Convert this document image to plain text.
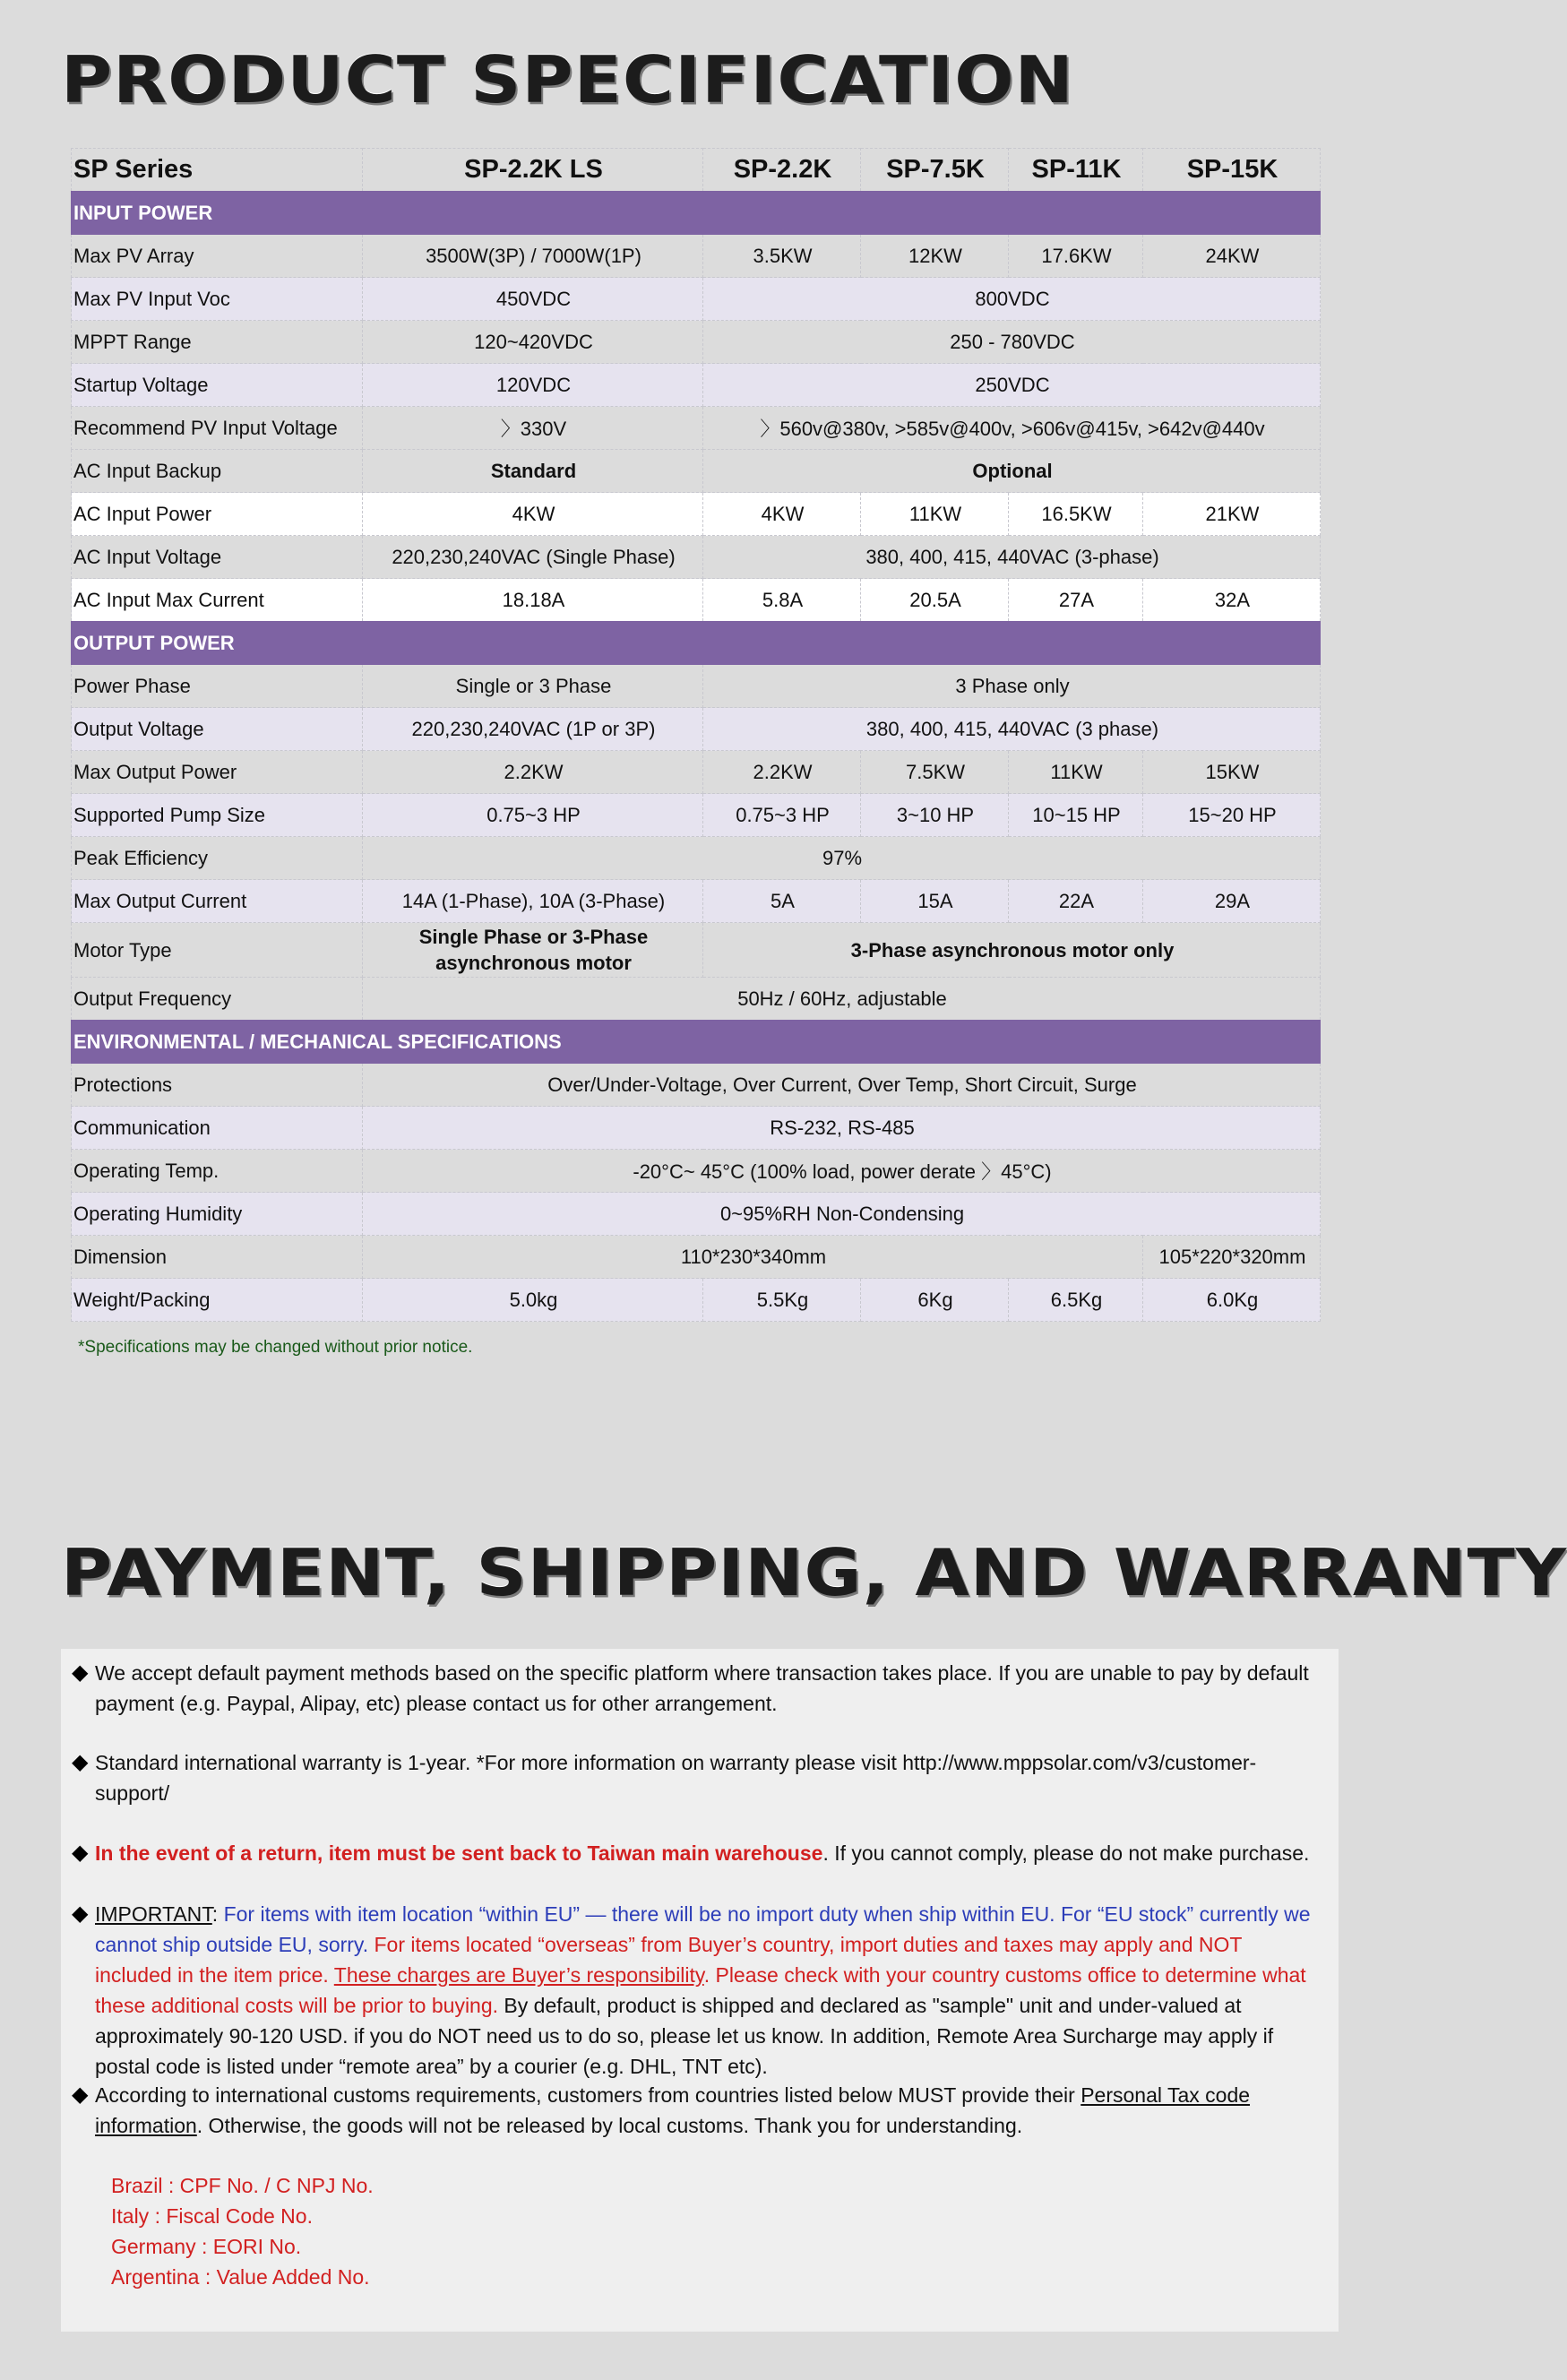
PRODUCT SPECIFICATION
SP Series	SP-2.2K LS	SP-2.2K	SP-7.5K	SP-11K	SP-15K
INPUT POWER					
Max PV Array	3500W(3P) / 7000W(1P)	3.5KW	12KW	17.6KW	24KW
Max PV Input Voc	450VDC	800VDC			
MPPT Range	120~420VDC	250 - 780VDC			
Startup Voltage	120VDC	250VDC			
Recommend PV Input Voltage	〉330V	〉560v@380v, >585v@400v, >606v@415v, >642v@440v			
AC Input Backup	Standard	Optional			
AC Input Power	4KW	4KW	11KW	16.5KW	21KW
AC Input Voltage	220,230,240VAC (Single Phase)	380, 400, 415, 440VAC (3-phase)			
AC Input Max Current	18.18A	5.8A	20.5A	27A	32A
OUTPUT POWER					
Power Phase	Single or 3 Phase	3 Phase only			
Output Voltage	220,230,240VAC (1P or 3P)	380, 400, 415, 440VAC (3 phase)			
Max Output Power	2.2KW	2.2KW	7.5KW	11KW	15KW
Supported Pump Size	0.75~3 HP	0.75~3 HP	3~10 HP	10~15 HP	15~20 HP
Peak Efficiency	97%				
Max Output Current	14A (1-Phase), 10A (3-Phase)	5A	15A	22A	29A
Motor Type	Single Phase or 3-Phase asynchronous motor	3-Phase asynchronous motor only			
Output Frequency	50Hz / 60Hz, adjustable				
ENVIRONMENTAL / MECHANICAL SPECIFICATIONS					
Protections	Over/Under-Voltage, Over Current, Over Temp, Short Circuit, Surge				
Communication	RS-232, RS-485				
Operating Temp.	-20°C~ 45°C (100% load, power derate 〉45°C)				
Operating Humidity	0~95%RH Non-Condensing				
Dimension	110*230*340mm				105*220*320mm
Weight/Packing	5.0kg	5.5Kg	6Kg	6.5Kg	6.0Kg
*Specifications may be changed without prior notice.
PAYMENT, SHIPPING, AND WARRANTY
◆ We accept default payment methods based on the specific platform where transaction takes place. If you are unable to pay by default payment (e.g. Paypal, Alipay, etc) please contact us for other arrangement.
◆ Standard international warranty is 1-year. *For more information on warranty please visit http://www.mppsolar.com/v3/customer-support/
◆ In the event of a return, item must be sent back to Taiwan main warehouse. If you cannot comply, please do not make purchase.
◆ IMPORTANT: For items with item location “within EU” — there will be no import duty when ship within EU. For “EU stock” currently we cannot ship outside EU, sorry. For items located “overseas” from Buyer’s country, import duties and taxes may apply and NOT included in the item price. These charges are Buyer’s responsibility. Please check with your country customs office to determine what these additional costs will be prior to buying. By default, product is shipped and declared as "sample" unit and under-valued at approximately 90-120 USD. if you do NOT need us to do so, please let us know. In addition, Remote Area Surcharge may apply if postal code is listed under “remote area” by a courier (e.g. DHL, TNT etc).
◆ According to international customs requirements, customers from countries listed below MUST provide their Personal Tax code information. Otherwise, the goods will not be released by local customs. Thank you for understanding.
Brazil : CPF No. / C NPJ No.
Italy : Fiscal Code No.
Germany : EORI No.
Argentina : Value Added No.
